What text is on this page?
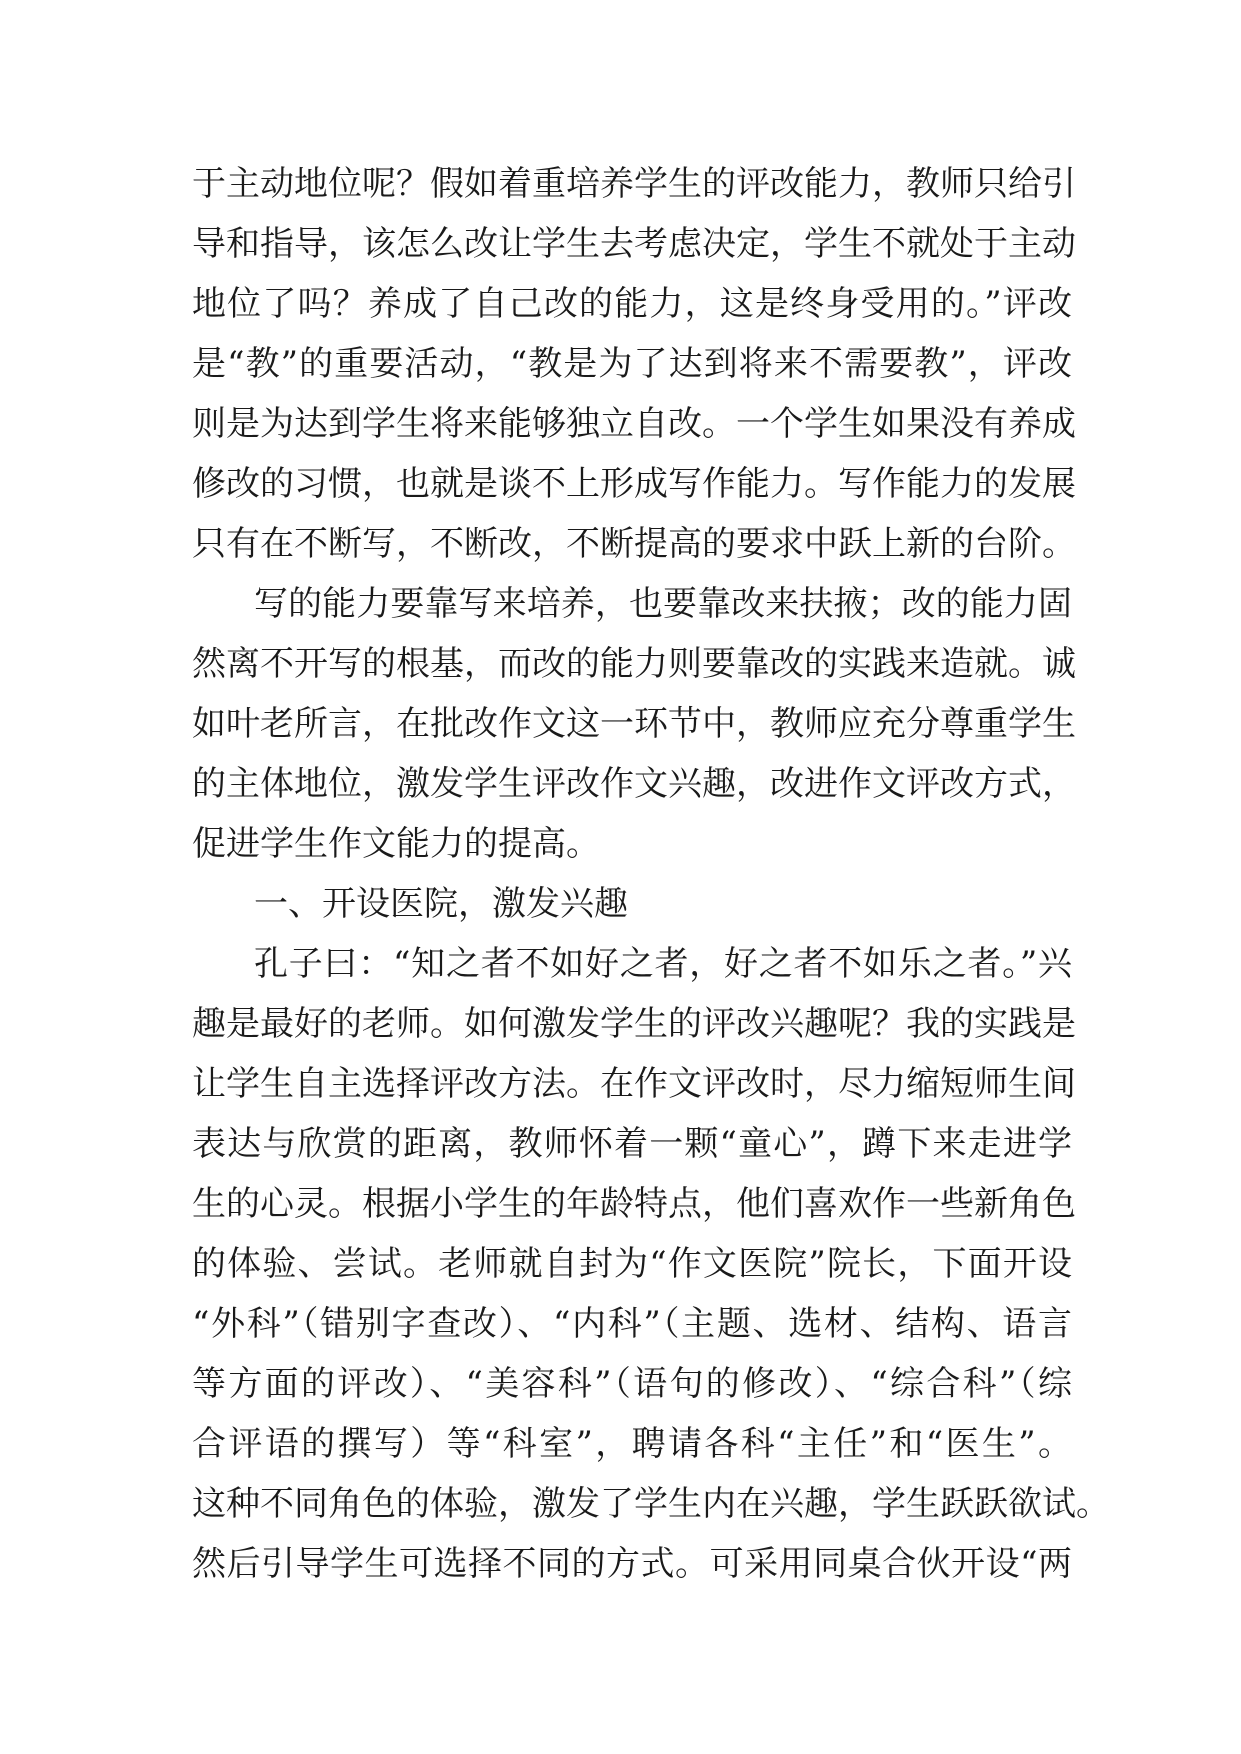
于主动地位呢？假如着重培养学生的评改能力，教师只给引
导和指导，该怎么改让学生去考虑决定，学生不就处于主动
地位了吗？养成了自己改的能力，这是终身受用的。”评改
是“教”的重要活动，“教是为了达到将来不需要教”，评改
则是为达到学生将来能够独立自改。一个学生如果没有养成
修改的习惯，也就是谈不上形成写作能力。写作能力的发展
只有在不断写，不断改，不断提高的要求中跃上新的台阶。
写的能力要靠写来培养，也要靠改来扶掖；改的能力固
然离不开写的根基，而改的能力则要靠改的实践来造就。诚
如叶老所言，在批改作文这一环节中，教师应充分尊重学生
的主体地位，激发学生评改作文兴趣，改进作文评改方式，
促进学生作文能力的提高。
一、开设医院，激发兴趣
孔子曰：“知之者不如好之者，好之者不如乐之者。”兴
趣是最好的老师。如何激发学生的评改兴趣呢？我的实践是
让学生自主选择评改方法。在作文评改时，尽力缩短师生间
表达与欣赏的距离，教师怀着一颗“童心”，蹲下来走进学
生的心灵。根据小学生的年龄特点，他们喜欢作一些新角色
的体验、尝试。老师就自封为“作文医院”院长，下面开设
“外科”（错别字查改）、“内科”（主题、选材、结构、语言
等方面的评改）、“美容科”（语句的修改）、“综合科”（综
合评语的撰写）等“科室”，聘请各科“主任”和“医生”。
这种不同角色的体验，激发了学生内在兴趣，学生跃跃欲试。
然后引导学生可选择不同的方式。可采用同桌合伙开设“两
